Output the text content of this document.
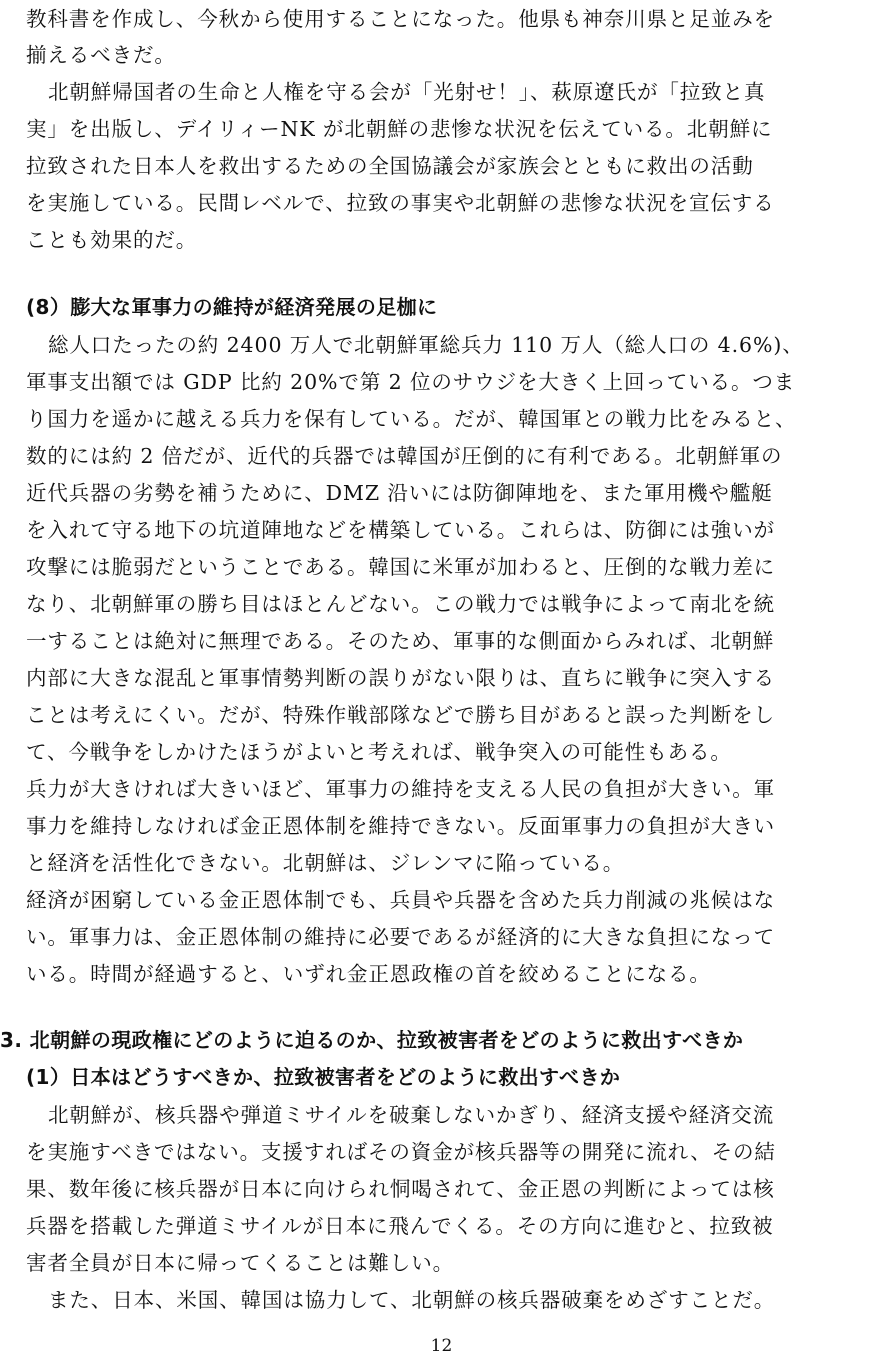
教科書を作成し、今秋から使用することになった。他県も神奈川県と足並みを
揃えるべきだ。
北朝鮮帰国者の生命と人権を守る会が「光射せ！」、萩原遼氏が「拉致と真
実」を出版し、デイリィーNK が北朝鮮の悲惨な状況を伝えている。北朝鮮に
拉致された日本人を救出するための全国協議会が家族会とともに救出の活動
を実施している。民間レベルで、拉致の事実や北朝鮮の悲惨な状況を宣伝する
ことも効果的だ。
(8）膨大な軍事力の維持が経済発展の足枷に
総人口たったの約 2400 万人で北朝鮮軍総兵力 110 万人（総人口の 4.6%)、
軍事支出額では GDP 比約 20%で第 2 位のサウジを大きく上回っている。つま
り国力を遥かに越える兵力を保有している。だが、韓国軍との戦力比をみると、
数的には約 2 倍だが、近代的兵器では韓国が圧倒的に有利である。北朝鮮軍の
近代兵器の劣勢を補うために、DMZ 沿いには防御陣地を、また軍用機や艦艇
を入れて守る地下の坑道陣地などを構築している。これらは、防御には強いが
攻撃には脆弱だということである。韓国に米軍が加わると、圧倒的な戦力差に
なり、北朝鮮軍の勝ち目はほとんどない。この戦力では戦争によって南北を統
一することは絶対に無理である。そのため、軍事的な側面からみれば、北朝鮮
内部に大きな混乱と軍事情勢判断の誤りがない限りは、直ちに戦争に突入する
ことは考えにくい。だが、特殊作戦部隊などで勝ち目があると誤った判断をし
て、今戦争をしかけたほうがよいと考えれば、戦争突入の可能性もある。
兵力が大きければ大きいほど、軍事力の維持を支える人民の負担が大きい。軍
事力を維持しなければ金正恩体制を維持できない。反面軍事力の負担が大きい
と経済を活性化できない。北朝鮮は、ジレンマに陥っている。
経済が困窮している金正恩体制でも、兵員や兵器を含めた兵力削減の兆候はな
い。軍事力は、金正恩体制の維持に必要であるが経済的に大きな負担になって
いる。時間が経過すると、いずれ金正恩政権の首を絞めることになる。
3. 北朝鮮の現政権にどのように迫るのか、拉致被害者をどのように救出すべきか
(1）日本はどうすべきか、拉致被害者をどのように救出すべきか
北朝鮮が、核兵器や弾道ミサイルを破棄しないかぎり、経済支援や経済交流
を実施すべきではない。支援すればその資金が核兵器等の開発に流れ、その結
果、数年後に核兵器が日本に向けられ恫喝されて、金正恩の判断によっては核
兵器を搭載した弾道ミサイルが日本に飛んでくる。その方向に進むと、拉致被
害者全員が日本に帰ってくることは難しい。
また、日本、米国、韓国は協力して、北朝鮮の核兵器破棄をめざすことだ。
12
